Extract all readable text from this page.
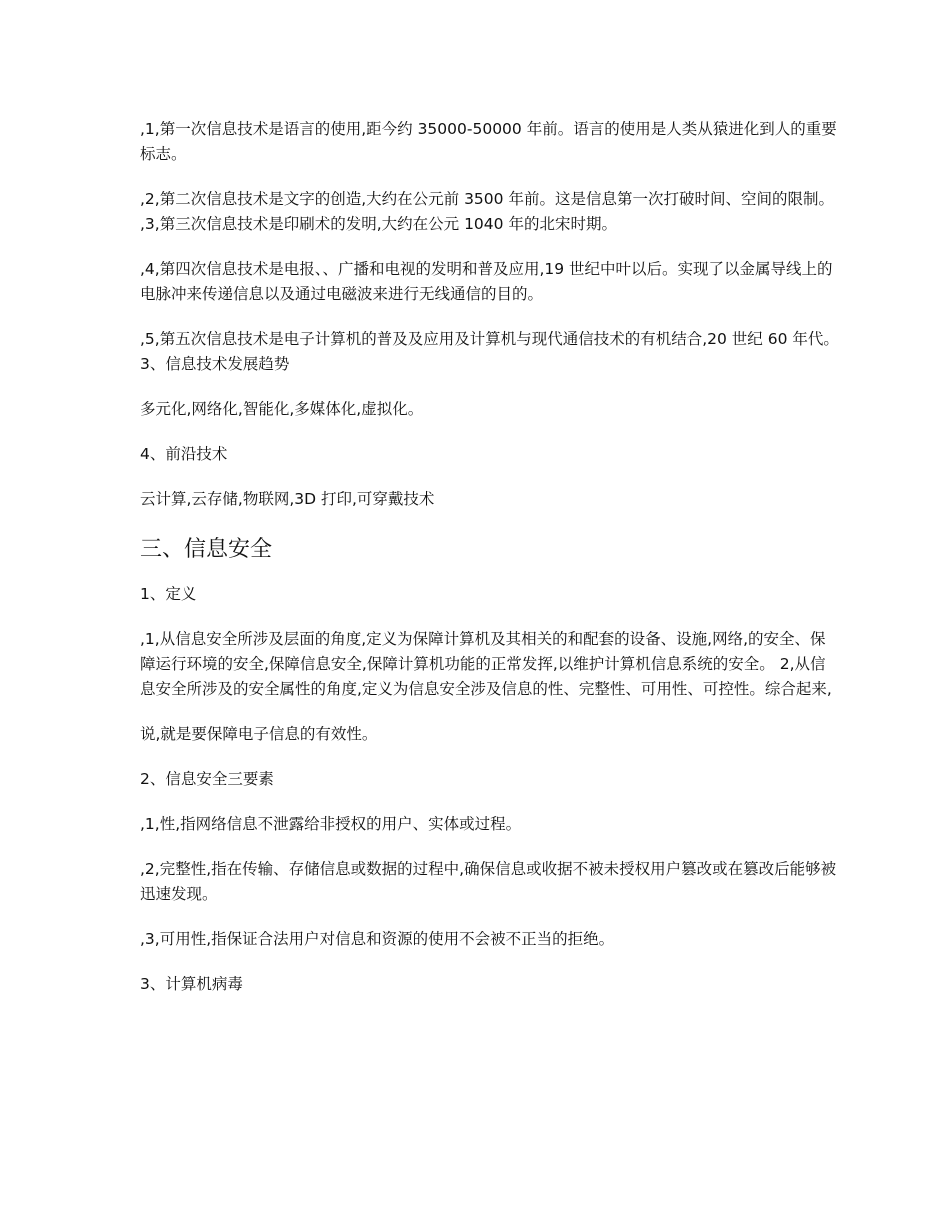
,1,第一次信息技术是语言的使用,距今约 35000-50000 年前。语言的使用是人类从猿进化到人的重要标志。

,2,第二次信息技术是文字的创造,大约在公元前 3500 年前。这是信息第一次打破时间、空间的限制。 ,3,第三次信息技术是印刷术的发明,大约在公元 1040 年的北宋时期。

,4,第四次信息技术是电报、、广播和电视的发明和普及应用,19 世纪中叶以后。实现了以金属导线上的电脉冲来传递信息以及通过电磁波来进行无线通信的目的。

,5,第五次信息技术是电子计算机的普及及应用及计算机与现代通信技术的有机结合,20 世纪 60 年代。 3、信息技术发展趋势

多元化,网络化,智能化,多媒体化,虚拟化。

4、前沿技术

云计算,云存储,物联网,3D 打印,可穿戴技术

三、信息安全

1、定义

,1,从信息安全所涉及层面的角度,定义为保障计算机及其相关的和配套的设备、设施,网络,的安全、保障运行环境的安全,保障信息安全,保障计算机功能的正常发挥,以维护计算机信息系统的安全。 2,从信息安全所涉及的安全属性的角度,定义为信息安全涉及信息的性、完整性、可用性、可控性。综合起来,

说,就是要保障电子信息的有效性。

2、信息安全三要素

,1,性,指网络信息不泄露给非授权的用户、实体或过程。

,2,完整性,指在传输、存储信息或数据的过程中,确保信息或收据不被未授权用户篡改或在篡改后能够被迅速发现。

,3,可用性,指保证合法用户对信息和资源的使用不会被不正当的拒绝。

3、计算机病毒
